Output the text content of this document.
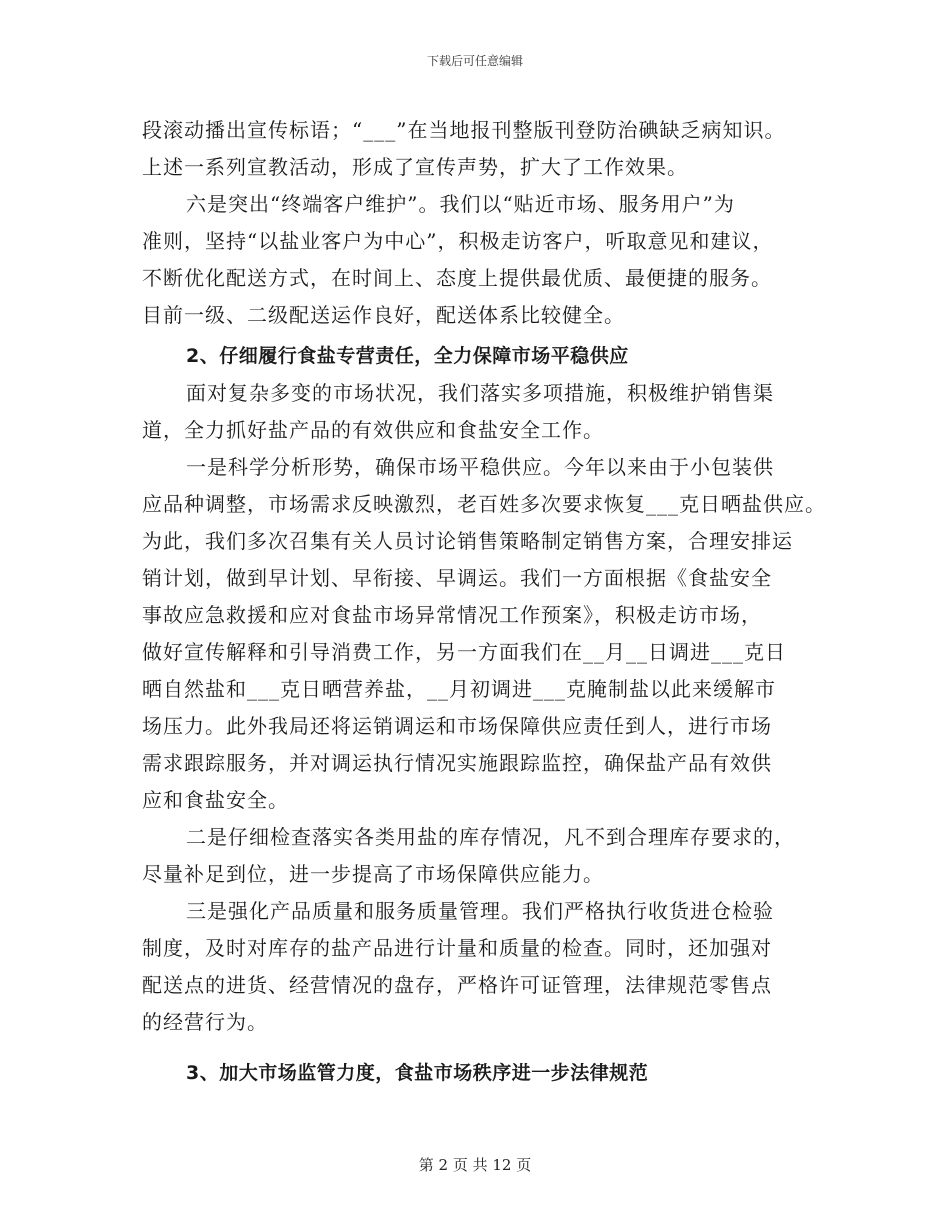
下载后可任意编辑
段滚动播出宣传标语；“___”在当地报刊整版刊登防治碘缺乏病知识。
上述一系列宣教活动，形成了宣传声势，扩大了工作效果。
六是突出“终端客户维护”。我们以“贴近市场、服务用户”为
准则，坚持“以盐业客户为中心”，积极走访客户，听取意见和建议，
不断优化配送方式，在时间上、态度上提供最优质、最便捷的服务。
目前一级、二级配送运作良好，配送体系比较健全。
2、仔细履行食盐专营责任，全力保障市场平稳供应
面对复杂多变的市场状况，我们落实多项措施，积极维护销售渠
道，全力抓好盐产品的有效供应和食盐安全工作。
一是科学分析形势，确保市场平稳供应。今年以来由于小包装供
应品种调整，市场需求反映激烈，老百姓多次要求恢复___克日晒盐供应。
为此，我们多次召集有关人员讨论销售策略制定销售方案，合理安排运
销计划，做到早计划、早衔接、早调运。我们一方面根据《食盐安全
事故应急救援和应对食盐市场异常情况工作预案》，积极走访市场，
做好宣传解释和引导消费工作，另一方面我们在__月__日调进___克日
晒自然盐和___克日晒营养盐，__月初调进___克腌制盐以此来缓解市
场压力。此外我局还将运销调运和市场保障供应责任到人，进行市场
需求跟踪服务，并对调运执行情况实施跟踪监控，确保盐产品有效供
应和食盐安全。
二是仔细检查落实各类用盐的库存情况，凡不到合理库存要求的，
尽量补足到位，进一步提高了市场保障供应能力。
三是强化产品质量和服务质量管理。我们严格执行收货进仓检验
制度，及时对库存的盐产品进行计量和质量的检查。同时，还加强对
配送点的进货、经营情况的盘存，严格许可证管理，法律规范零售点
的经营行为。
3、加大市场监管力度，食盐市场秩序进一步法律规范
第 2 页 共 12 页
